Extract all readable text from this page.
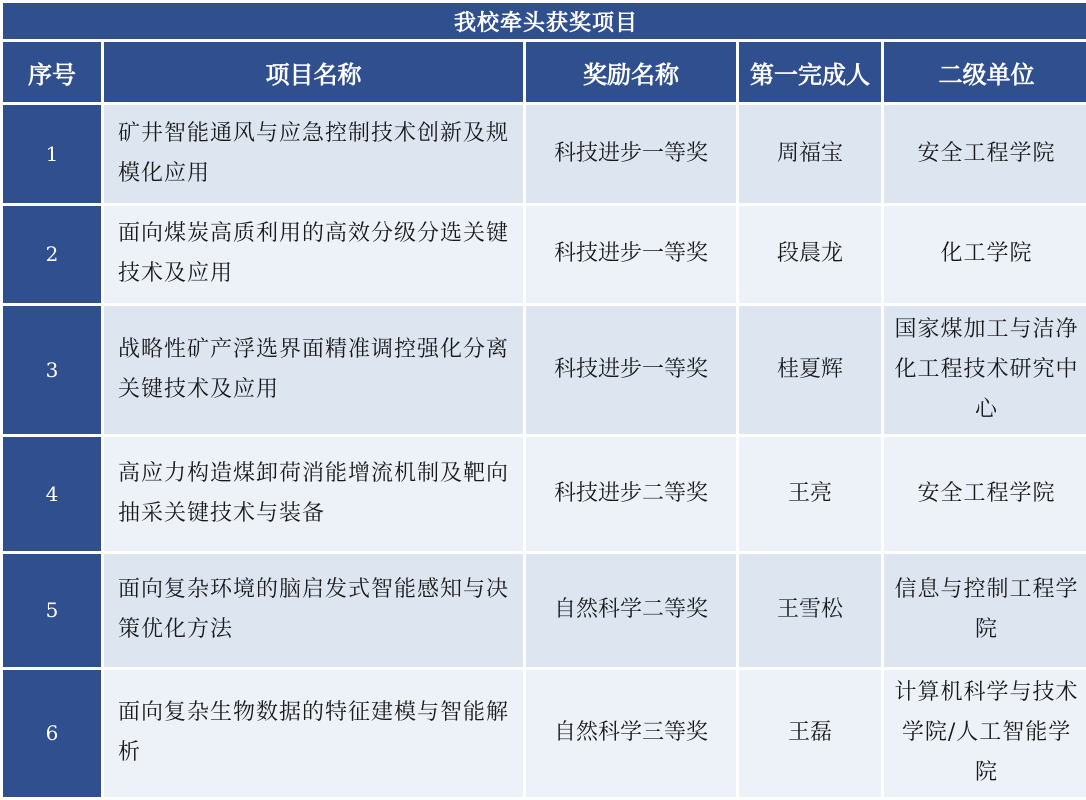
我校牵头获奖项目				
序号	项目名称	奖励名称	第一完成人	二级单位
1	矿井智能通风与应急控制技术创新及规模化应用	科技进步一等奖	周福宝	安全工程学院
2	面向煤炭高质利用的高效分级分选关键技术及应用	科技进步一等奖	段晨龙	化工学院
3	战略性矿产浮选界面精准调控强化分离关键技术及应用	科技进步一等奖	桂夏辉	国家煤加工与洁净化工程技术研究中心
4	高应力构造煤卸荷消能增流机制及靶向抽采关键技术与装备	科技进步二等奖	王亮	安全工程学院
5	面向复杂环境的脑启发式智能感知与决策优化方法	自然科学二等奖	王雪松	信息与控制工程学院
6	面向复杂生物数据的特征建模与智能解析	自然科学三等奖	王磊	计算机科学与技术学院/人工智能学院
